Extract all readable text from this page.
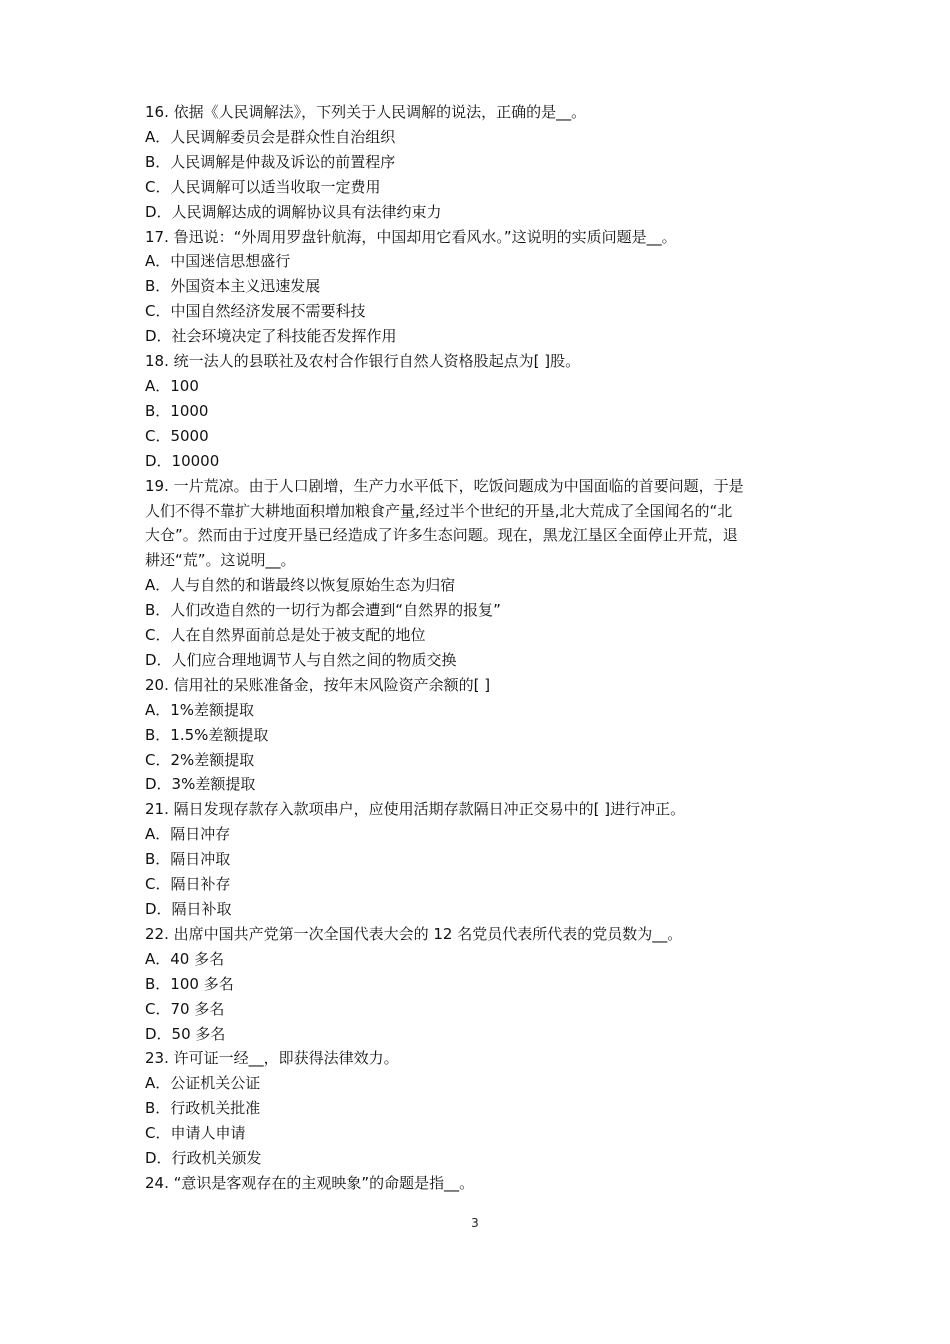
16. 依据《人民调解法》，下列关于人民调解的说法，正确的是__。
A．人民调解委员会是群众性自治组织
B．人民调解是仲裁及诉讼的前置程序
C．人民调解可以适当收取一定费用
D．人民调解达成的调解协议具有法律约束力
17. 鲁迅说：“外周用罗盘针航海，中国却用它看风水。”这说明的实质问题是__。
A．中国迷信思想盛行
B．外国资本主义迅速发展
C．中国自然经济发展不需要科技
D．社会环境决定了科技能否发挥作用
18. 统一法人的县联社及农村合作银行自然人资格股起点为[ ]股。
A．100
B．1000
C．5000
D．10000
19. 一片荒凉。由于人口剧增，生产力水平低下，吃饭问题成为中国面临的首要问题，于是
人们不得不靠扩大耕地面积增加粮食产量,经过半个世纪的开垦,北大荒成了全国闻名的“北
大仓”。然而由于过度开垦已经造成了许多生态问题。现在，黑龙江垦区全面停止开荒，退
耕还“荒”。这说明__。
A．人与自然的和谐最终以恢复原始生态为归宿
B．人们改造自然的一切行为都会遭到“自然界的报复”
C．人在自然界面前总是处于被支配的地位
D．人们应合理地调节人与自然之间的物质交换
20. 信用社的呆账准备金，按年末风险资产余额的[ ]
A．1%差额提取
B．1.5%差额提取
C．2%差额提取
D．3%差额提取
21. 隔日发现存款存入款项串户，应使用活期存款隔日冲正交易中的[ ]进行冲正。
A．隔日冲存
B．隔日冲取
C．隔日补存
D．隔日补取
22. 出席中国共产党第一次全国代表大会的 12 名党员代表所代表的党员数为__。
A．40 多名
B．100 多名
C．70 多名
D．50 多名
23. 许可证一经__，即获得法律效力。
A．公证机关公证
B．行政机关批准
C．申请人申请
D．行政机关颁发
24. “意识是客观存在的主观映象”的命题是指__。
3
